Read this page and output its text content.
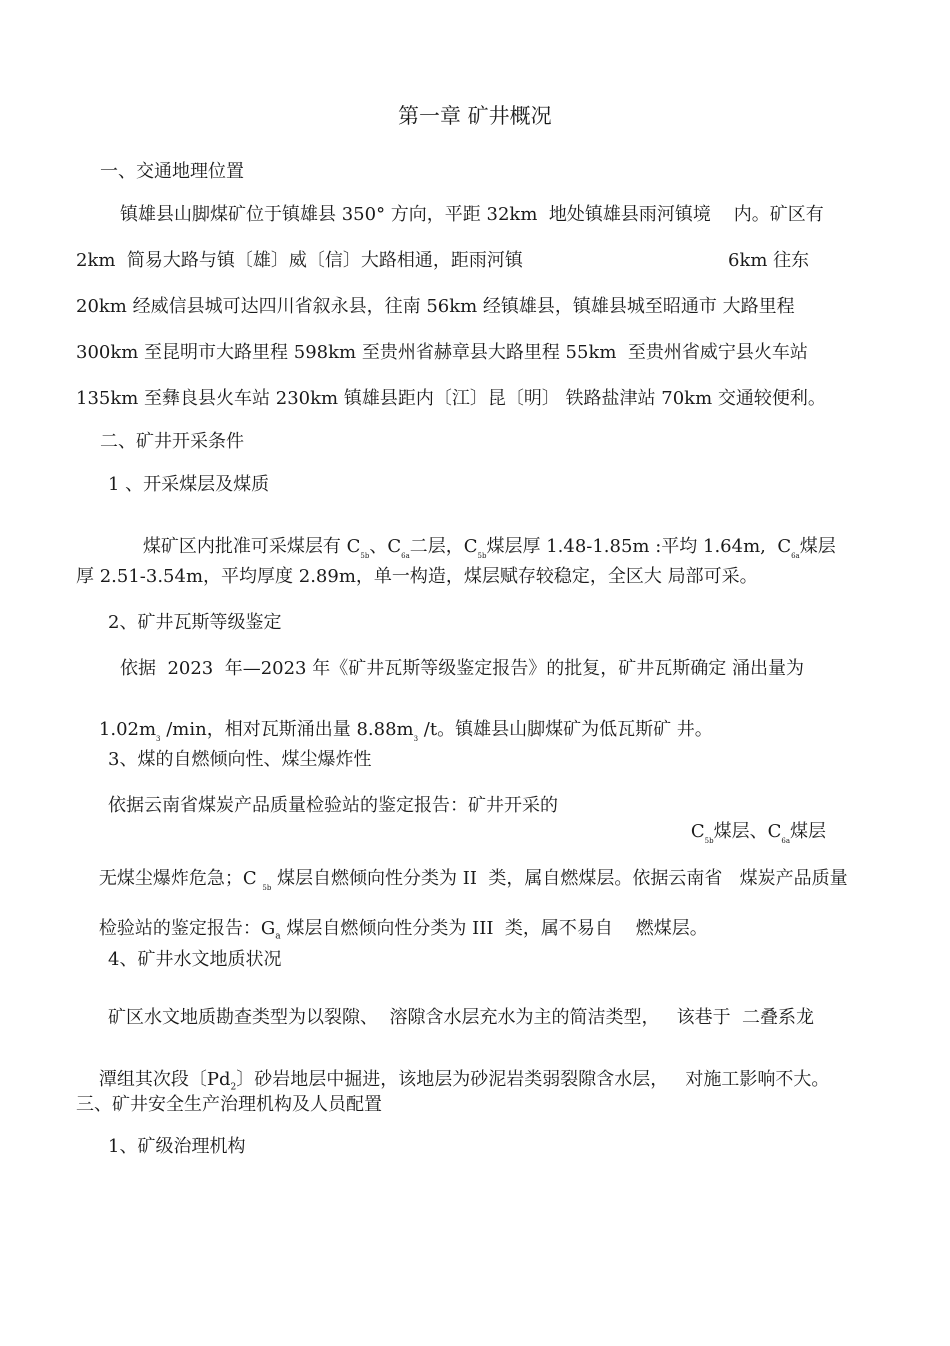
第一章 矿井概况
一、交通地理位置
镇雄县山脚煤矿位于镇雄县 350° 方向，平距 32km  地处镇雄县雨河镇境    内。矿区有
2km  简易大路与镇〔雄〕威〔信〕大路相通，距雨河镇	6km 往东
20km 经威信县城可达四川省叙永县，往南 56km 经镇雄县，镇雄县城至昭通市 大路里程
300km 至昆明市大路里程 598km 至贵州省赫章县大路里程 55km  至贵州省威宁县火车站
135km 至彝良县火车站 230km 镇雄县距内〔江〕昆〔明〕 铁路盐津站 70km 交通较便利。
二、矿井开采条件
1 、开采煤层及煤质

煤矿区内批准可采煤层有 $C_{5b}$、$C_{6a}$二层，$C_{5b}$煤层厚 1.48-1.85m :平均 1.64m,  $C_{6a}$煤层

厚 2.51-3.54m，平均厚度 2.89m，单一构造，煤层赋存较稳定，全区大 局部可采。
2、矿井瓦斯等级鉴定
依据  2023  年—2023 年《矿井瓦斯等级鉴定报告》的批复，矿井瓦斯确定 涌出量为

$1.02m_3$ /min，相对瓦斯涌出量 $8.88m_3$ /t。镇雄县山脚煤矿为低瓦斯矿 井。

3、煤的自燃倾向性、煤尘爆炸性
依据云南省煤炭产品质量检验站的鉴定报告：矿井开采的

$C_{5b}$煤层、$C_{6a}$煤层

无煤尘爆炸危急；C $_{5b}$ 煤层自燃倾向性分类为 II  类，属自燃煤层。依据云南省   煤炭产品质量

检验站的鉴定报告：$G_a$ 煤层自燃倾向性分类为 III  类，属不易自    燃煤层。

4、矿井水文地质状况
矿区水文地质勘查类型为以裂隙、  溶隙含水层充水为主的简洁类型，   该巷于  二叠系龙

潭组其次段〔$Pd_2$〕砂岩地层中掘进，该地层为砂泥岩类弱裂隙含水层，   对施工影响不大。

三、矿井安全生产治理机构及人员配置
1、矿级治理机构
